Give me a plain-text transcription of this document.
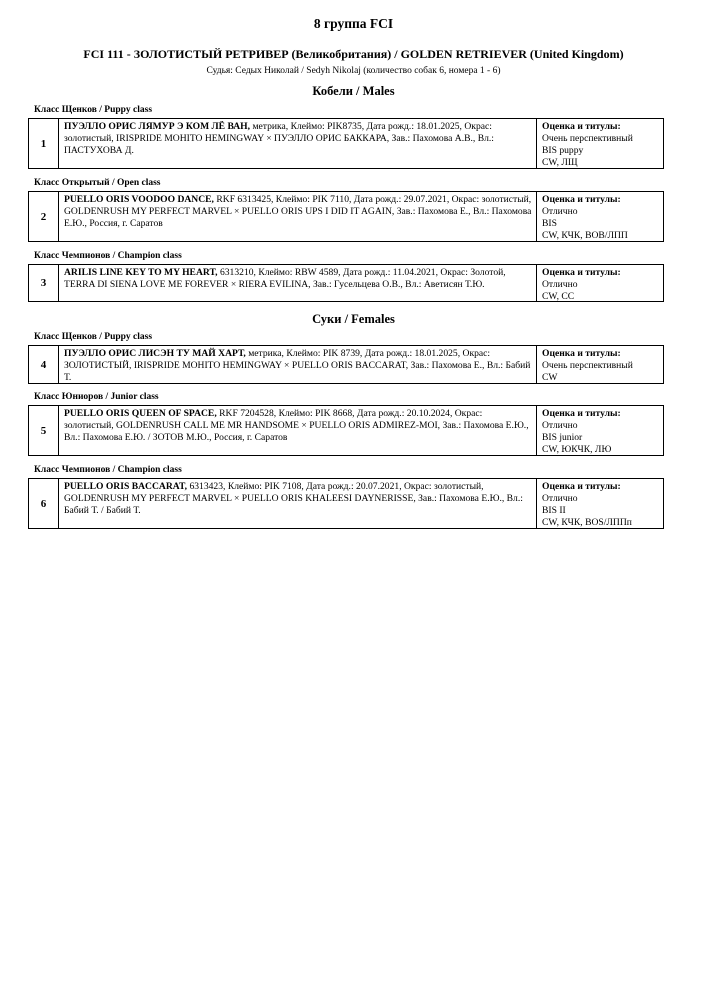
8 группа FCI
FCI 111 - ЗОЛОТИСТЫЙ РЕТРИВЕР (Великобритания) / GOLDEN RETRIEVER (United Kingdom)
Судья: Седых Николай / Sedyh Nikolaj (количество собак 6, номера 1 - 6)
Кобели / Males
Класс Щенков / Puppy class
1
ПУЭЛЛО ОРИС ЛЯМУР Э КОМ ЛЁ ВАН, метрика, Клеймо: PIK8735, Дата рожд.: 18.01.2025, Окрас: золотистый, IRISPRIDE MOHITO HEMINGWAY × ПУЭЛЛО ОРИС БАККАРА, Зав.: Пахомова А.В., Вл.: ПАСТУХОВА Д.
Оценка и титулы:
Очень перспективный
BIS puppy
CW, ЛЩ
Класс Открытый / Open class
2
PUELLO ORIS VOODOO DANCE, RKF 6313425, Клеймо: PIK 7110, Дата рожд.: 29.07.2021, Окрас: золотистый, GOLDENRUSH MY PERFECT MARVEL × PUELLO ORIS UPS I DID IT AGAIN, Зав.: Пахомова Е., Вл.: Пахомова Е.Ю., Россия, г. Саратов
Оценка и титулы:
Отлично
BIS
CW, КЧК, BOB/ЛПП
Класс Чемпионов / Champion class
3
ARILIS LINE KEY TO MY HEART, 6313210, Клеймо: RBW 4589, Дата рожд.: 11.04.2021, Окрас: Золотой, TERRA DI SIENA LOVE ME FOREVER × RIERA EVILINA, Зав.: Гусельцева О.В., Вл.: Аветисян Т.Ю.
Оценка и титулы:
Отлично
CW, CC
Суки / Females
Класс Щенков / Puppy class
4
ПУЭЛЛО ОРИС ЛИСЭН ТУ МАЙ ХАРТ, метрика, Клеймо: PIK 8739, Дата рожд.: 18.01.2025, Окрас: ЗОЛОТИСТЫЙ, IRISPRIDE MOHITO HEMINGWAY × PUELLO ORIS BACCARAT, Зав.: Пахомова Е., Вл.: Бабий Т.
Оценка и титулы:
Очень перспективный
CW
Класс Юниоров / Junior class
5
PUELLO ORIS QUEEN OF SPACE, RKF 7204528, Клеймо: PIK 8668, Дата рожд.: 20.10.2024, Окрас: золотистый, GOLDENRUSH CALL ME MR HANDSOME × PUELLO ORIS ADMIREZ-MOI, Зав.: Пахомова Е.Ю., Вл.: Пахомова Е.Ю. / ЗОТОВ М.Ю., Россия, г. Саратов
Оценка и титулы:
Отлично
BIS junior
CW, ЮКЧК, ЛЮ
Класс Чемпионов / Champion class
6
PUELLO ORIS BACCARAT, 6313423, Клеймо: PIK 7108, Дата рожд.: 20.07.2021, Окрас: золотистый, GOLDENRUSH MY PERFECT MARVEL × PUELLO ORIS KHALEESI DAYNERISSE, Зав.: Пахомова Е.Ю., Вл.: Бабий Т. / Бабий Т.
Оценка и титулы:
Отлично
BIS II
CW, КЧК, BOS/ЛППп
